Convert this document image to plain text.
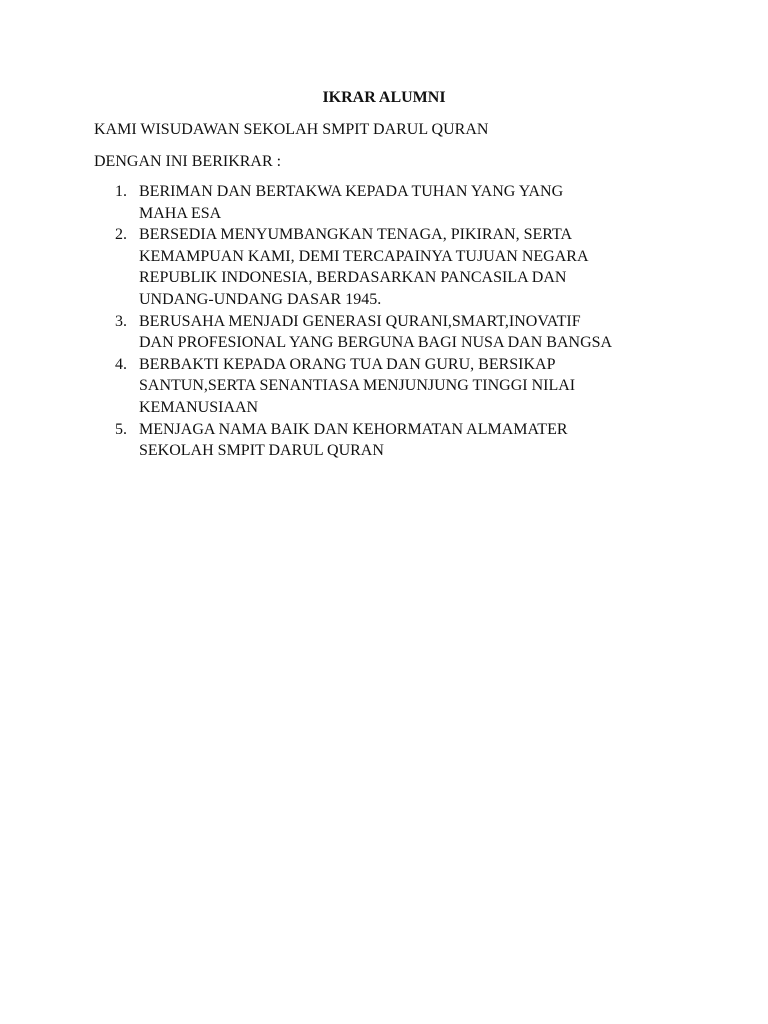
IKRAR ALUMNI

KAMI WISUDAWAN SEKOLAH SMPIT DARUL QURAN

DENGAN INI BERIKRAR :

1. BERIMAN DAN BERTAKWA KEPADA TUHAN YANG YANG
MAHA ESA
2. BERSEDIA MENYUMBANGKAN TENAGA, PIKIRAN, SERTA
KEMAMPUAN KAMI, DEMI TERCAPAINYA TUJUAN NEGARA
REPUBLIK INDONESIA, BERDASARKAN PANCASILA DAN
UNDANG-UNDANG DASAR 1945.
3. BERUSAHA MENJADI GENERASI QURANI,SMART,INOVATIF
DAN PROFESIONAL YANG BERGUNA BAGI NUSA DAN BANGSA
4. BERBAKTI KEPADA ORANG TUA DAN GURU, BERSIKAP
SANTUN,SERTA SENANTIASA MENJUNJUNG TINGGI NILAI
KEMANUSIAAN
5. MENJAGA NAMA BAIK DAN KEHORMATAN ALMAMATER
SEKOLAH SMPIT DARUL QURAN
